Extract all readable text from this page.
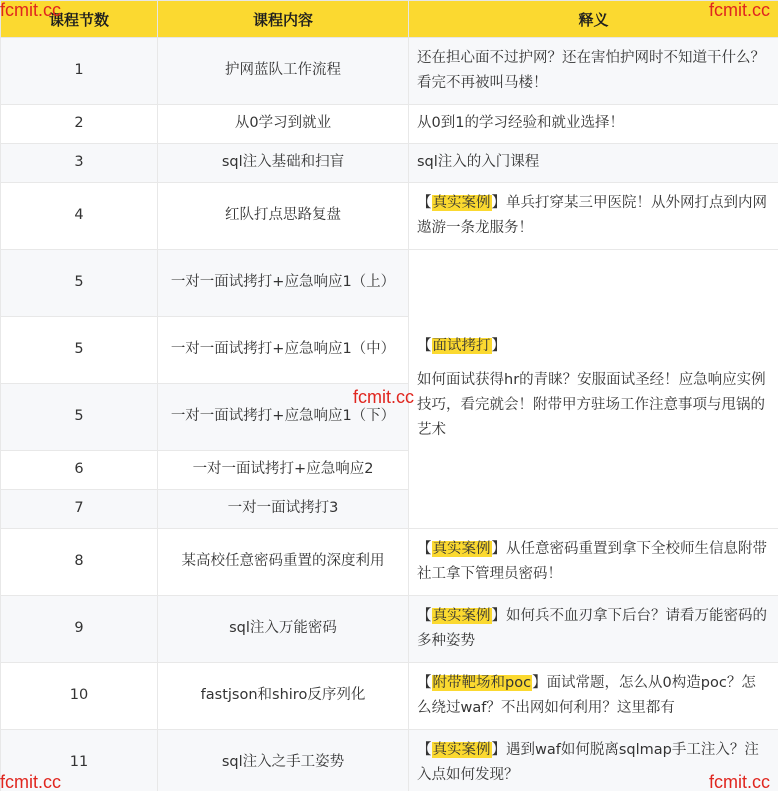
课程节数	课程内容	释义
1	护网蓝队工作流程	还在担心面不过护网？还在害怕护网时不知道干什么？看完不再被叫马楼！
2	从0学习到就业	从0到1的学习经验和就业选择！
3	sql注入基础和扫盲	sql注入的入门课程
4	红队打点思路复盘	【真实案例】单兵打穿某三甲医院！从外网打点到内网遨游一条龙服务！
5	一对一面试拷打+应急响应1（上）	【面试拷打】
如何面试获得hr的青睐？安服面试圣经！应急响应实例技巧，看完就会！附带甲方驻场工作注意事项与甩锅的艺术

5	一对一面试拷打+应急响应1（中）	
5	一对一面试拷打+应急响应1（下）	
6	一对一面试拷打+应急响应2	
7	一对一面试拷打3	
8	某高校任意密码重置的深度利用	【真实案例】从任意密码重置到拿下全校师生信息附带社工拿下管理员密码！
9	sql注入万能密码	【真实案例】如何兵不血刃拿下后台？请看万能密码的多种姿势
10	fastjson和shiro反序列化	【附带靶场和poc】面试常题，怎么从0构造poc？怎么绕过waf？不出网如何利用？这里都有
11	sql注入之手工姿势	【真实案例】遇到waf如何脱离sqlmap手工注入？注入点如何发现？
fcmit.cc	fcmit.cc
fcmit.cc
fcmit.cc	fcmit.cc
